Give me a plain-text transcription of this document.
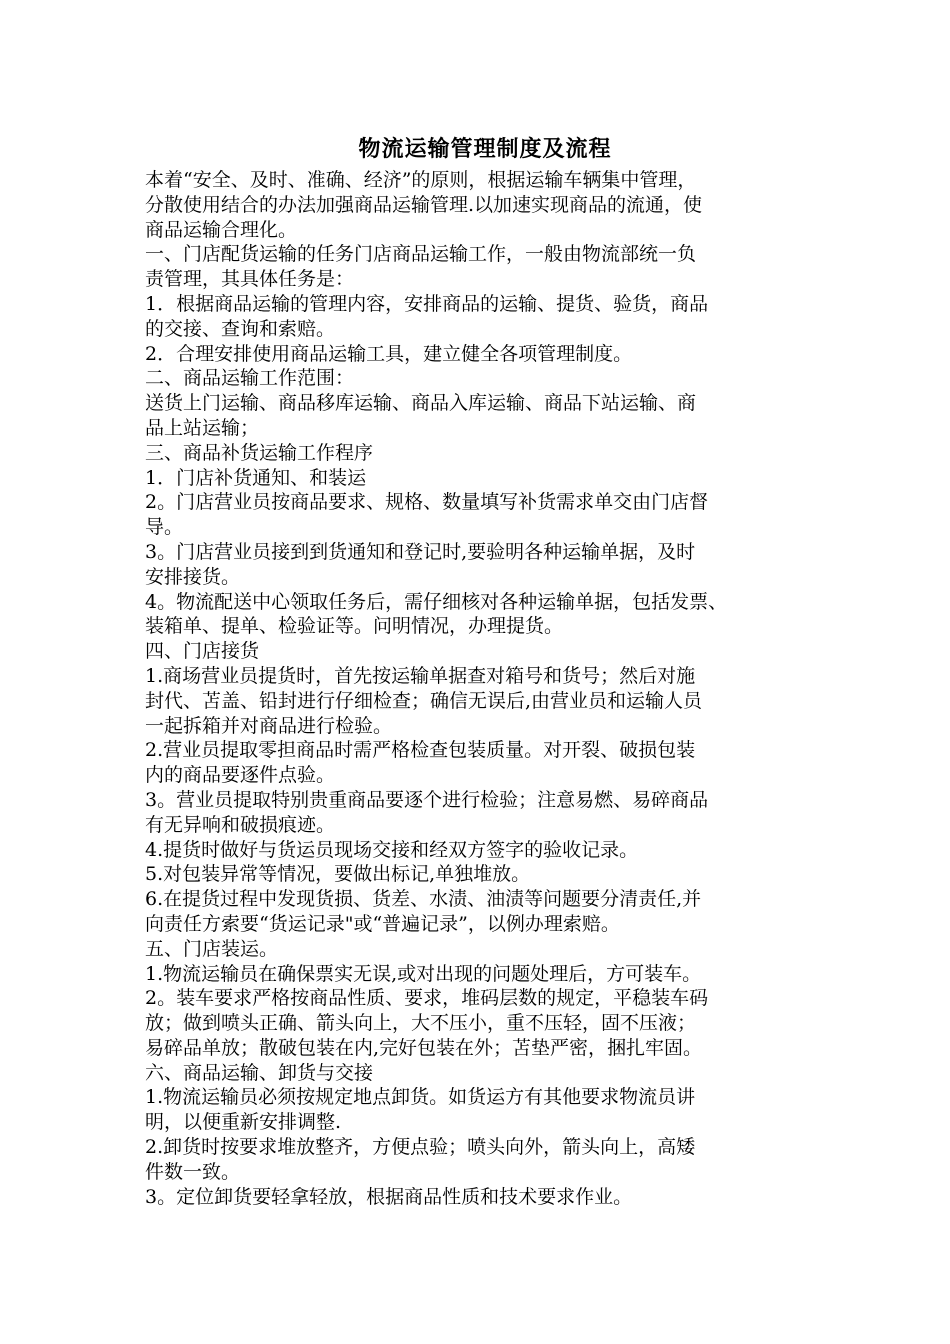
物流运输管理制度及流程

本着“安全、及时、准确、经济”的原则，根据运输车辆集中管理，

分散使用结合的办法加强商品运输管理.以加速实现商品的流通，使

商品运输合理化。

一、门店配货运输的任务门店商品运输工作，一般由物流部统一负

责管理，其具体任务是：

1．根据商品运输的管理内容，安排商品的运输、提货、验货，商品

的交接、查询和索赔。

2．合理安排使用商品运输工具，建立健全各项管理制度。

二、商品运输工作范围：

送货上门运输、商品移库运输、商品入库运输、商品下站运输、商

品上站运输；

三、商品补货运输工作程序

1．门店补货通知、和装运

2。门店营业员按商品要求、规格、数量填写补货需求单交由门店督

导。

3。门店营业员接到到货通知和登记时,要验明各种运输单据，及时

安排接货。

4。物流配送中心领取任务后，需仔细核对各种运输单据，包括发票、

装箱单、提单、检验证等。问明情况，办理提货。

四、门店接货

1.商场营业员提货时，首先按运输单据查对箱号和货号；然后对施

封代、苫盖、铅封进行仔细检查；确信无误后,由营业员和运输人员

一起拆箱并对商品进行检验。

2.营业员提取零担商品时需严格检查包装质量。对开裂、破损包装

内的商品要逐件点验。

3。营业员提取特别贵重商品要逐个进行检验；注意易燃、易碎商品

有无异响和破损痕迹。

4.提货时做好与货运员现场交接和经双方签字的验收记录。

5.对包装异常等情况，要做出标记,单独堆放。

6.在提货过程中发现货损、货差、水渍、油渍等问题要分清责任,并

向责任方索要“货运记录"或“普遍记录”，以例办理索赔。

五、门店装运。

1.物流运输员在确保票实无误,或对出现的问题处理后，方可装车。

2。装车要求严格按商品性质、要求，堆码层数的规定，平稳装车码

放；做到喷头正确、箭头向上，大不压小，重不压轻，固不压液；

易碎品单放；散破包装在内,完好包装在外；苫垫严密，捆扎牢固。

六、商品运输、卸货与交接

1.物流运输员必须按规定地点卸货。如货运方有其他要求物流员讲

明，以便重新安排调整.

2.卸货时按要求堆放整齐，方便点验；喷头向外，箭头向上，高矮

件数一致。

3。定位卸货要轻拿轻放，根据商品性质和技术要求作业。
